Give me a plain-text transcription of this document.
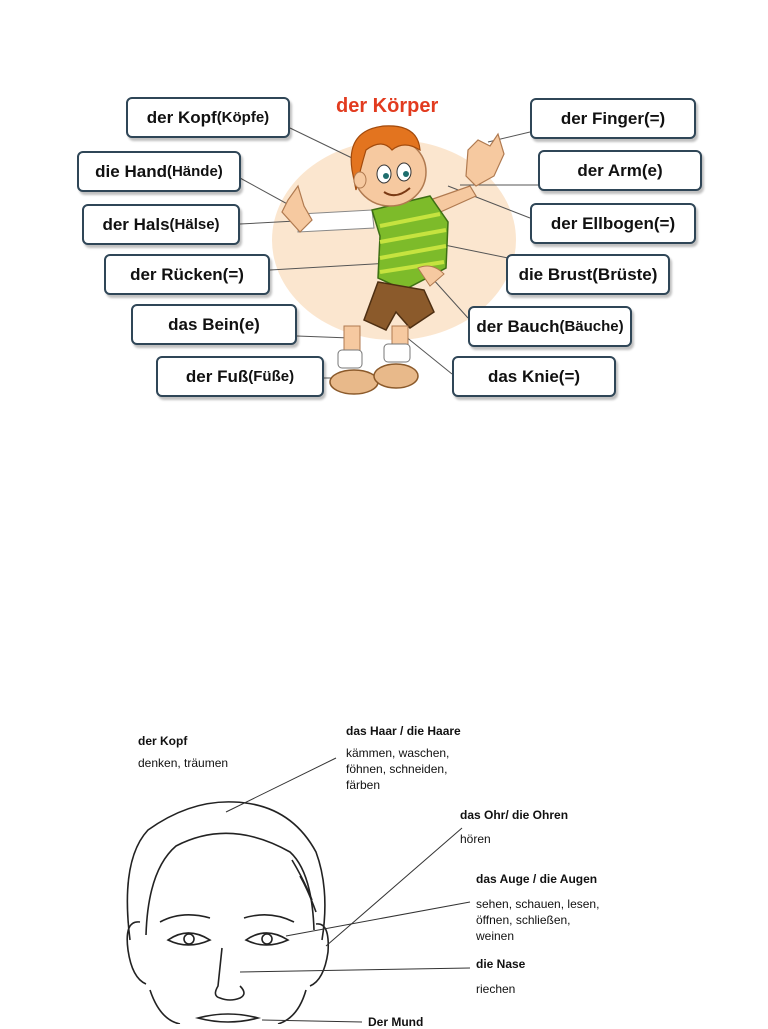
der Körper
der Kopf (Köpfe)
die Hand (Hände)
der Hals (Hälse)
der Rücken (=)
das Bein (e)
der Fuß (Füße)
der Finger (=)
der Arm (e)
der Ellbogen (=)
die Brust (Brüste)
der Bauch (Bäuche)
das Knie (=)
der Kopf
denken, träumen
das Haar / die Haare
kämmen, waschen,
föhnen, schneiden,
färben
das Ohr/ die Ohren
hören
das Auge / die Augen
sehen, schauen, lesen,
öffnen, schließen,
weinen
die Nase
riechen
Der Mund
